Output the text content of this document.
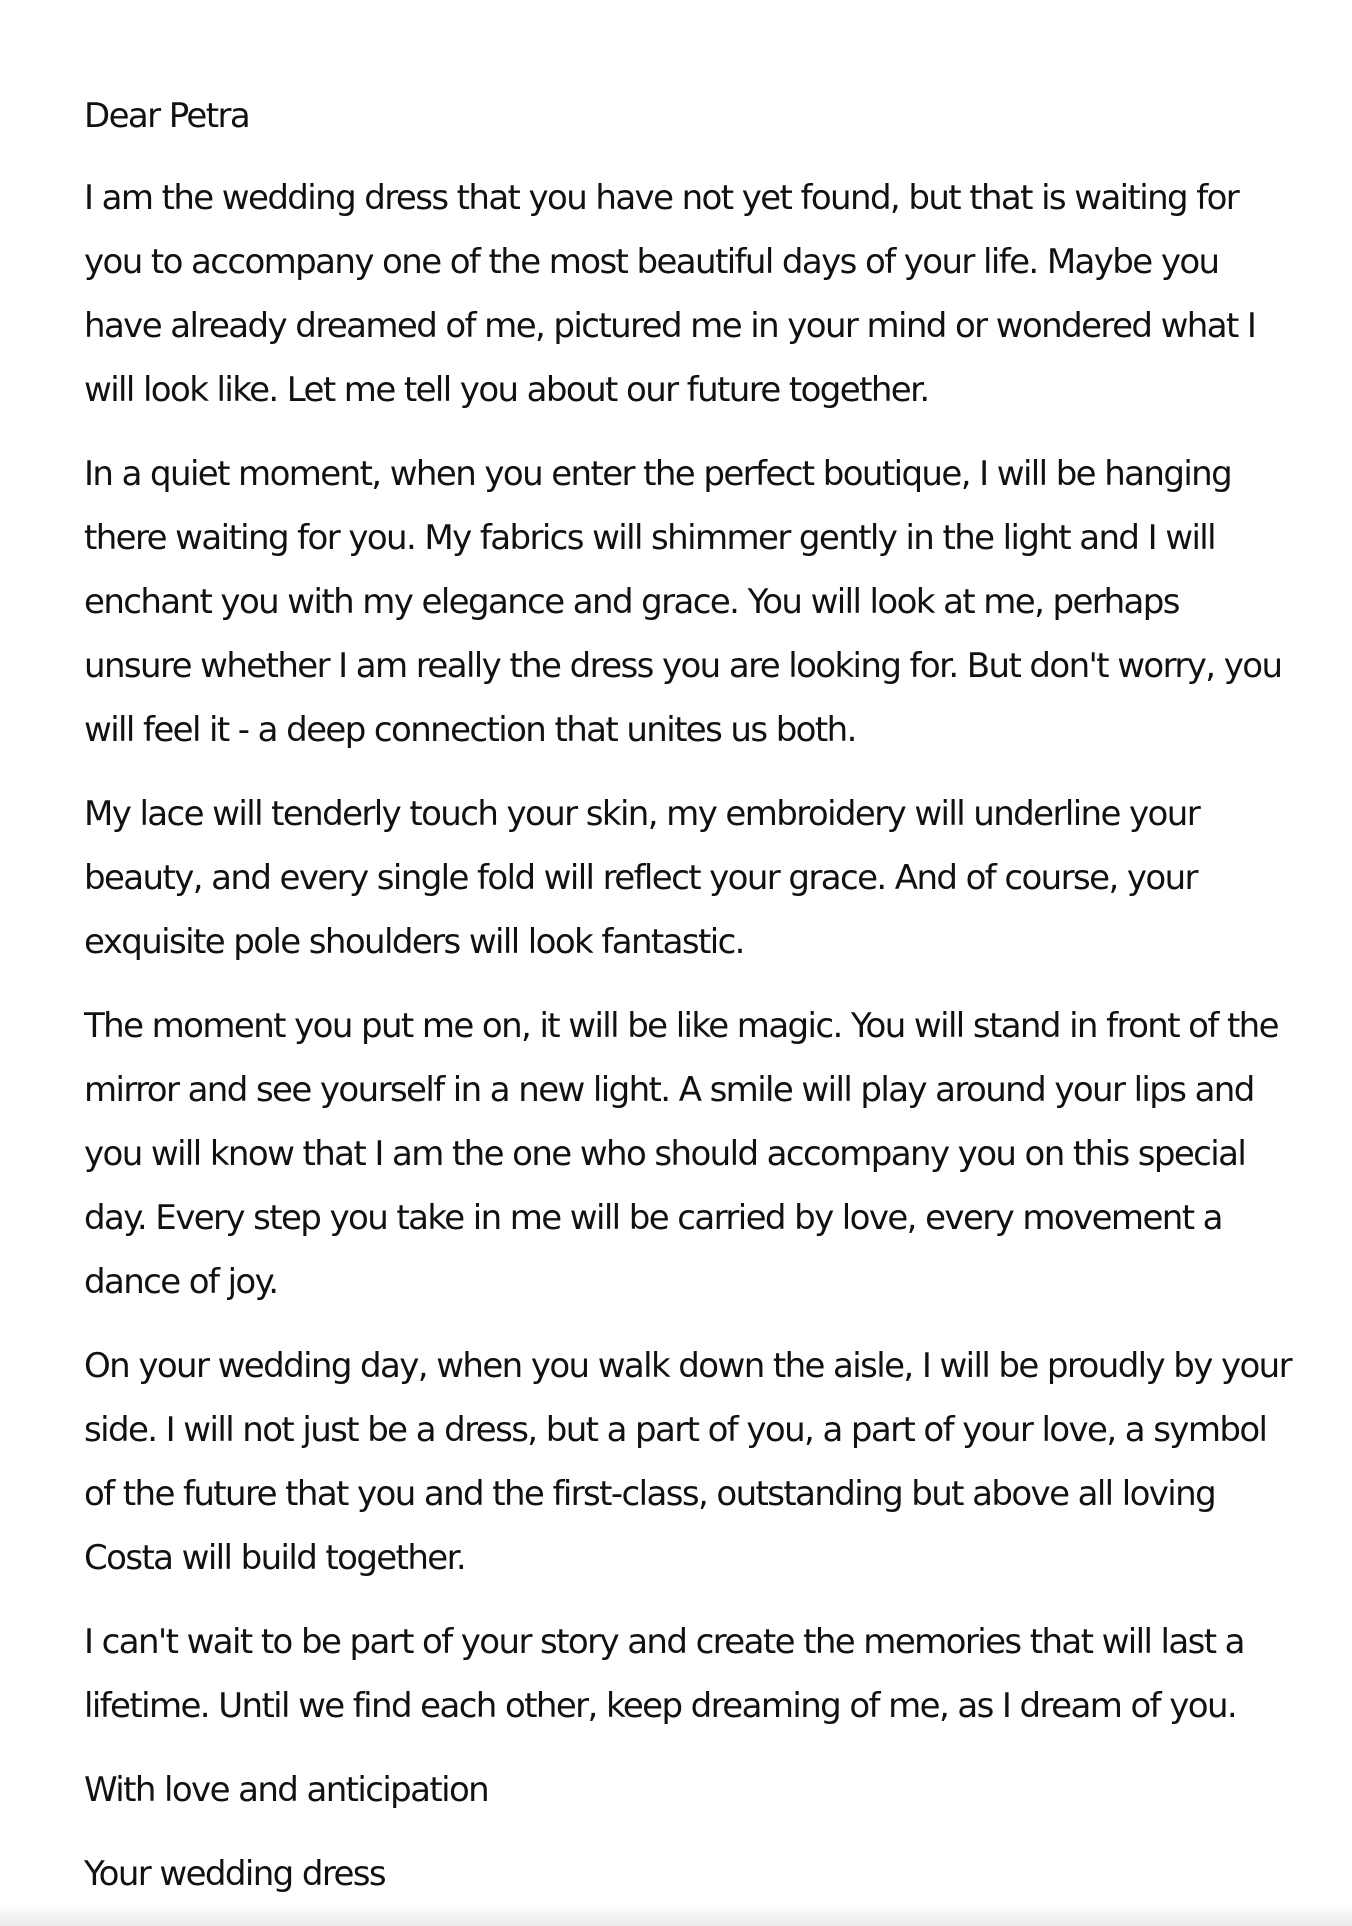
Dear Petra

I am the wedding dress that you have not yet found, but that is waiting for you to accompany one of the most beautiful days of your life. Maybe you have already dreamed of me, pictured me in your mind or wondered what I will look like. Let me tell you about our future together.

In a quiet moment, when you enter the perfect boutique, I will be hanging there waiting for you. My fabrics will shimmer gently in the light and I will enchant you with my elegance and grace. You will look at me, perhaps unsure whether I am really the dress you are looking for. But don't worry, you will feel it - a deep connection that unites us both.

My lace will tenderly touch your skin, my embroidery will underline your beauty, and every single fold will reflect your grace. And of course, your exquisite pole shoulders will look fantastic.

The moment you put me on, it will be like magic. You will stand in front of the mirror and see yourself in a new light. A smile will play around your lips and you will know that I am the one who should accompany you on this special day. Every step you take in me will be carried by love, every movement a dance of joy.

On your wedding day, when you walk down the aisle, I will be proudly by your side. I will not just be a dress, but a part of you, a part of your love, a symbol of the future that you and the first-class, outstanding but above all loving Costa will build together.

I can't wait to be part of your story and create the memories that will last a lifetime. Until we find each other, keep dreaming of me, as I dream of you.

With love and anticipation

Your wedding dress
